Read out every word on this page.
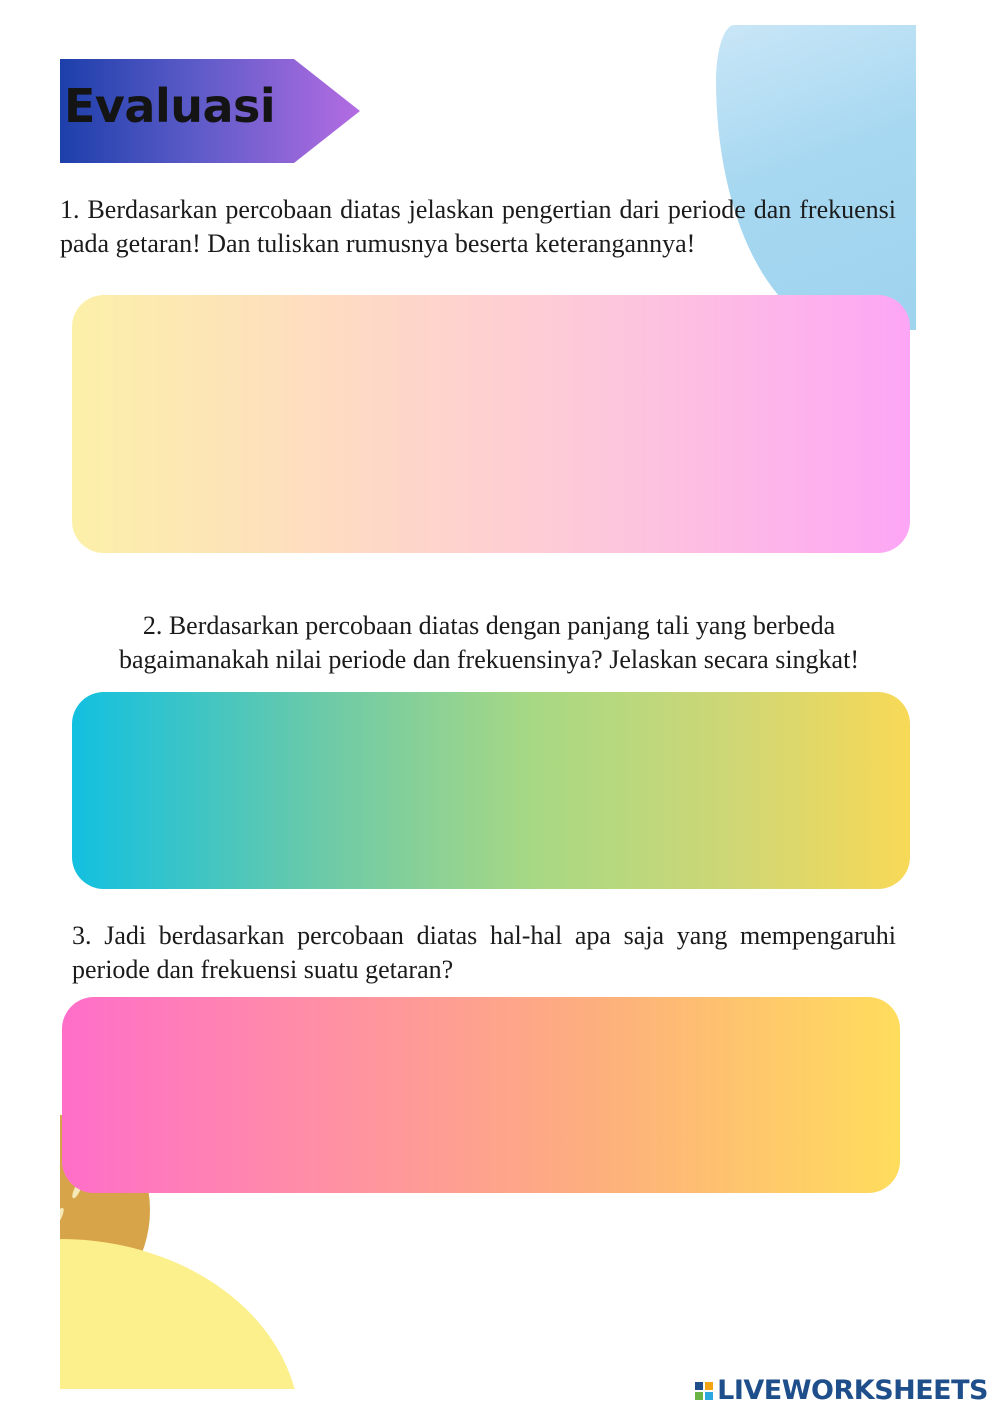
Evaluasi
1. Berdasarkan percobaan diatas jelaskan pengertian dari periode dan frekuensi pada getaran! Dan tuliskan rumusnya beserta keterangannya!
2. Berdasarkan percobaan diatas dengan panjang tali yang berbeda bagaimanakah nilai periode dan frekuensinya? Jelaskan secara singkat!
3. Jadi berdasarkan percobaan diatas hal-hal apa saja yang mempengaruhi periode dan frekuensi suatu getaran?
LIVEWORKSHEETS
